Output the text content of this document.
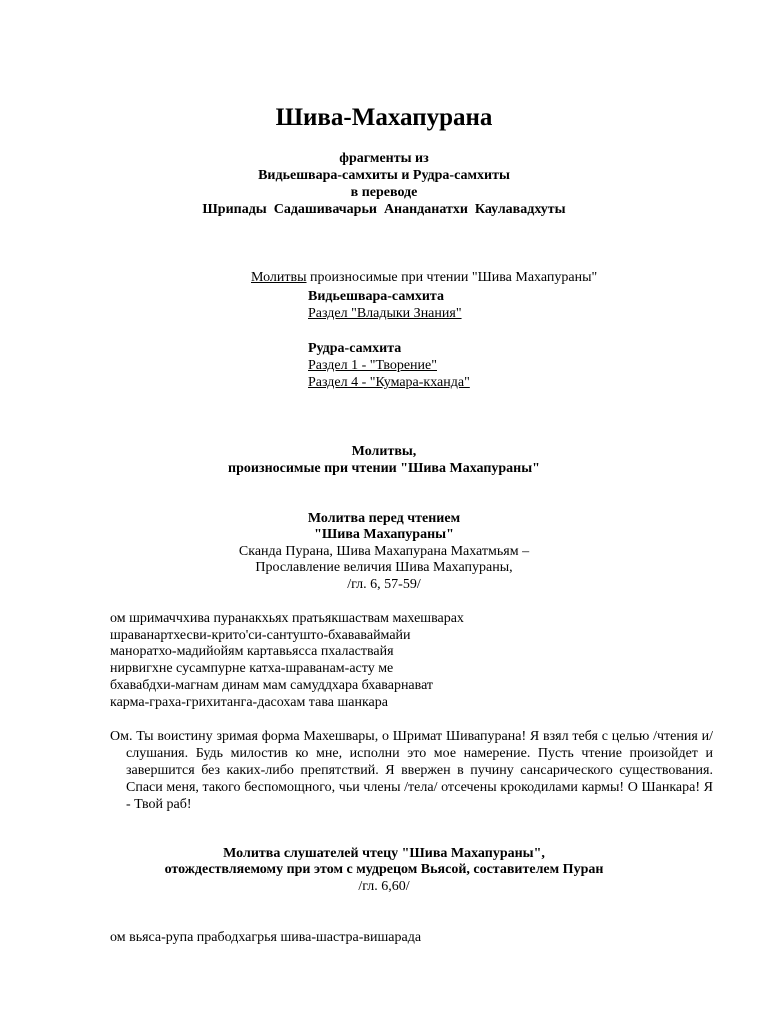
Шива-Махапурана
фрагменты из
Видьешвара-самхиты и Рудра-самхиты
в переводе
Шрипады  Садашивачарьи  Ананданатхи  Каулавадхуты

Молитвы произносимые при чтении "Шива Махапураны"

Видьешвара-самхита
Раздел "Владыки Знания"
Рудра-самхита
Раздел 1 - "Творение"
Раздел 4 - "Кумара-кханда"
Молитвы,
произносимые при чтении "Шива Махапураны"
Молитва перед чтением
"Шива Махапураны"
Сканда Пурана, Шива Махапурана Махатмьям –
Прославление величия Шива Махапураны,
/гл. 6, 57-59/
ом шримаччхива пуранакхьях пратьякшаствам махешварах
шраванартхесви-крито'си-сантуштo-бхававаймайи
маноратхо-мадийойям картавьясса пхаластвайя
нирвигхне сусампурне катха-шраванам-асту ме
бхавабдхи-магнам динам мам самуддхара бхаварнават
карма-граха-грихитанга-дасохам тава шанкара
Ом. Ты воистину зримая форма Махешвары, о Шримат Шивапурана! Я взял тебя с целью /чтения и/ слушания. Будь милостив ко мне, исполни это мое намерение. Пусть чтение произойдет и завершится без каких-либо препятствий. Я ввержен в пучину сансарического существования. Спаси меня, такого беспомощного, чьи члены /тела/ отсечены крокодилами кармы! О Шанкара! Я - Твой раб!
Молитва слушателей чтецу "Шива Махапураны",
отождествляемому при этом с мудрецом Вьясой, составителем Пуран
/гл. 6,60/
ом вьяса-рупа прабодхагрья шива-шастра-вишарада
